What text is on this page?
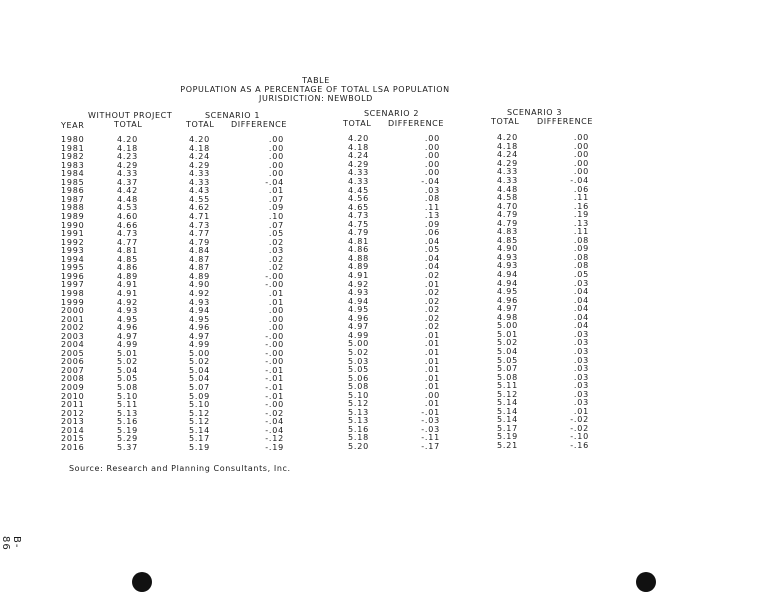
B-86
TABLE
POPULATION AS A PERCENTAGE OF TOTAL LSA POPULATION
JURISDICTION: NEWBOLD
WITHOUT PROJECT	SCENARIO 1	SCENARIO 2	SCENARIO 3
YEAR	TOTAL	TOTAL DIFFERENCE	TOTAL DIFFERENCE	TOTAL DIFFERENCE
1980	4.20	4.20	.00	4.20	.00	4.20	.00
1981	4.18	4.18	.00	4.18	.00	4.18	.00
1982	4.23	4.24	.00	4.24	.00	4.24	.00
1983	4.29	4.29	.00	4.29	.00	4.29	.00
1984	4.33	4.33	.00	4.33	.00	4.33	.00
1985	4.37	4.33	-.04	4.33	-.04	4.33	-.04
1986	4.42	4.43	.01	4.45	.03	4.48	.06
1987	4.48	4.55	.07	4.56	.08	4.58	.11
1988	4.53	4.62	.09	4.65	.11	4.70	.16
1989	4.60	4.71	.10	4.73	.13	4.79	.19
1990	4.66	4.73	.07	4.75	.09	4.79	.13
1991	4.73	4.77	.05	4.79	.06	4.83	.11
1992	4.77	4.79	.02	4.81	.04	4.85	.08
1993	4.81	4.84	.03	4.86	.05	4.90	.09
1994	4.85	4.87	.02	4.88	.04	4.93	.08
1995	4.86	4.87	.02	4.89	.04	4.93	.08
1996	4.89	4.89	-.00	4.91	.02	4.94	.05
1997	4.91	4.90	-.00	4.92	.01	4.94	.03
1998	4.91	4.92	.01	4.93	.02	4.95	.04
1999	4.92	4.93	.01	4.94	.02	4.96	.04
2000	4.93	4.94	.00	4.95	.02	4.97	.04
2001	4.95	4.95	.00	4.96	.02	4.98	.04
2002	4.96	4.96	.00	4.97	.02	5.00	.04
2003	4.97	4.97	-.00	4.99	.01	5.01	.03
2004	4.99	4.99	-.00	5.00	.01	5.02	.03
2005	5.01	5.00	-.00	5.02	.01	5.04	.03
2006	5.02	5.02	-.00	5.03	.01	5.05	.03
2007	5.04	5.04	-.01	5.05	.01	5.07	.03
2008	5.05	5.04	-.01	5.06	.01	5.08	.03
2009	5.08	5.07	-.01	5.08	.01	5.11	.03
2010	5.10	5.09	-.01	5.10	.00	5.12	.03
2011	5.11	5.10	-.00	5.12	.01	5.14	.03
2012	5.13	5.12	-.02	5.13	-.01	5.14	.01
2013	5.16	5.12	-.04	5.13	-.03	5.14	-.02
2014	5.19	5.14	-.04	5.16	-.03	5.17	-.02
2015	5.29	5.17	-.12	5.18	-.11	5.19	-.10
2016	5.37	5.19	-.19	5.20	-.17	5.21	-.16
Source: Research and Planning Consultants, Inc.
